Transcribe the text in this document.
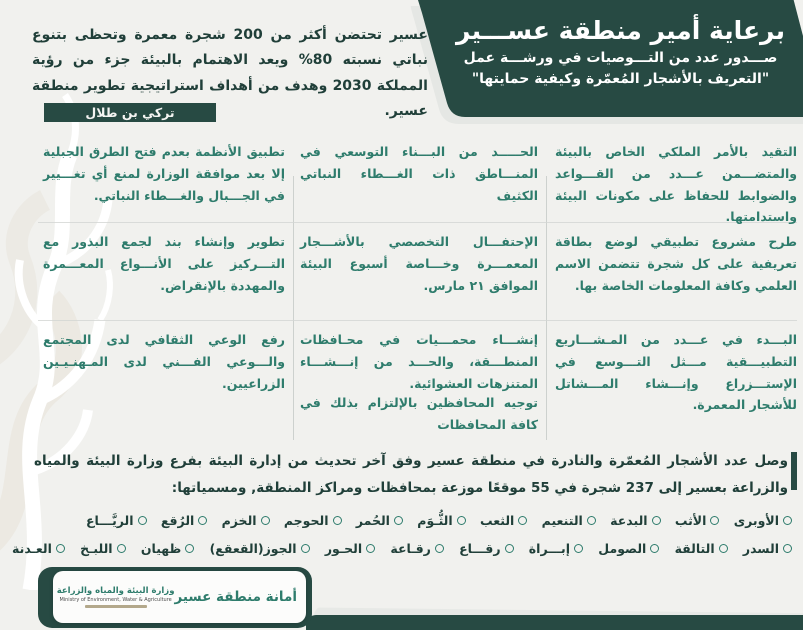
برعاية أمير منطقة عســـير
صـــدور عدد من التـــوصيات في ورشـــة عمل
"التعريف بالأشجار المُعمّرة وكيفية حمايتها"
عسير تحتضن أكثر من 200 شجرة معمرة وتحظى بتنوع نباتي نسبته 80% ويعد الاهتمام بالبيئة جزء من رؤية المملكة 2030 وهدف من أهداف استراتيجية تطوير منطقة عسير.
تركي بن طلال
التقيد بالأمر الملكي الخاص بالبيئة والمتضـــمن عـــدد من القـــواعد والضوابط للحفاظ على مكونات البيئة واستدامتها.
طرح مشروع تطبيقي لوضع بطاقة تعريفية على كل شجرة تتضمن الاسم العلمي وكافة المعلومات الخاصة بها.
البـــدء في عـــدد من المـشـــاريع التطبيـــقية مـــثل التـــوسع في الإستـــزراع وإنـــشاء المـــشاتل للأشجار المعمرة.
الحـــــد من البـــناء التوسعي في المنـــاطق ذات الغـــطاء النباتي الكثيف
الإحتفـــال التخصصي بالأشـــجار المعمـــرة وخـــاصة أسبوع البيئة الموافق ٢١ مارس.
إنشـــاء محمـــيات في محـافظات المنطـــقة، والحـــد من إنـــشـــاء المتنزهات العشوائية.
توجيه المحافظين بالإلتزام بذلك في كافة المحافظات
تطبيق الأنظمة بعدم فتح الطرق الجبلية إلا بعد موافقة الوزارة لمنع أي تغـــيير في الجـــبال والغـــطاء النباتي.
تطوير وإنشاء بند لجمع البذور مع التـــركيز على الأنـــواع المعـــمرة والمهددة بالإنقراض.
رفع الوعي الثقافي لدى المجتمع والـــوعي الفـــني لدى المـهنـيـين الزراعيين.
وصل عدد الأشجار المُعمّرة والنادرة في منطقة عسير وفق آخر تحديث من إدارة البيئة بفرع وزارة البيئة والمياه والزراعة بعسير إلى 237 شجرة في 55 موقعًا موزعة بمحافظات ومراكز المنطقة, ومسمياتها:
الأوبرى
الأثب
البدعة
التنعيم
الثعب
الثُّـوَم
الحُمر
الحوجم
الخزم
الرُقع
الريَّـــاع
السدر
التالقة
الصومل
إبـــراة
رقـــاع
رقـاعة
الحـور
الجوز(القعقع)
ظهيان
اللبـخ
العـدنة
أمانة منطقة عسير
وزارة البيئة والمياه والزراعة
Ministry of Environment, Water & Agriculture
